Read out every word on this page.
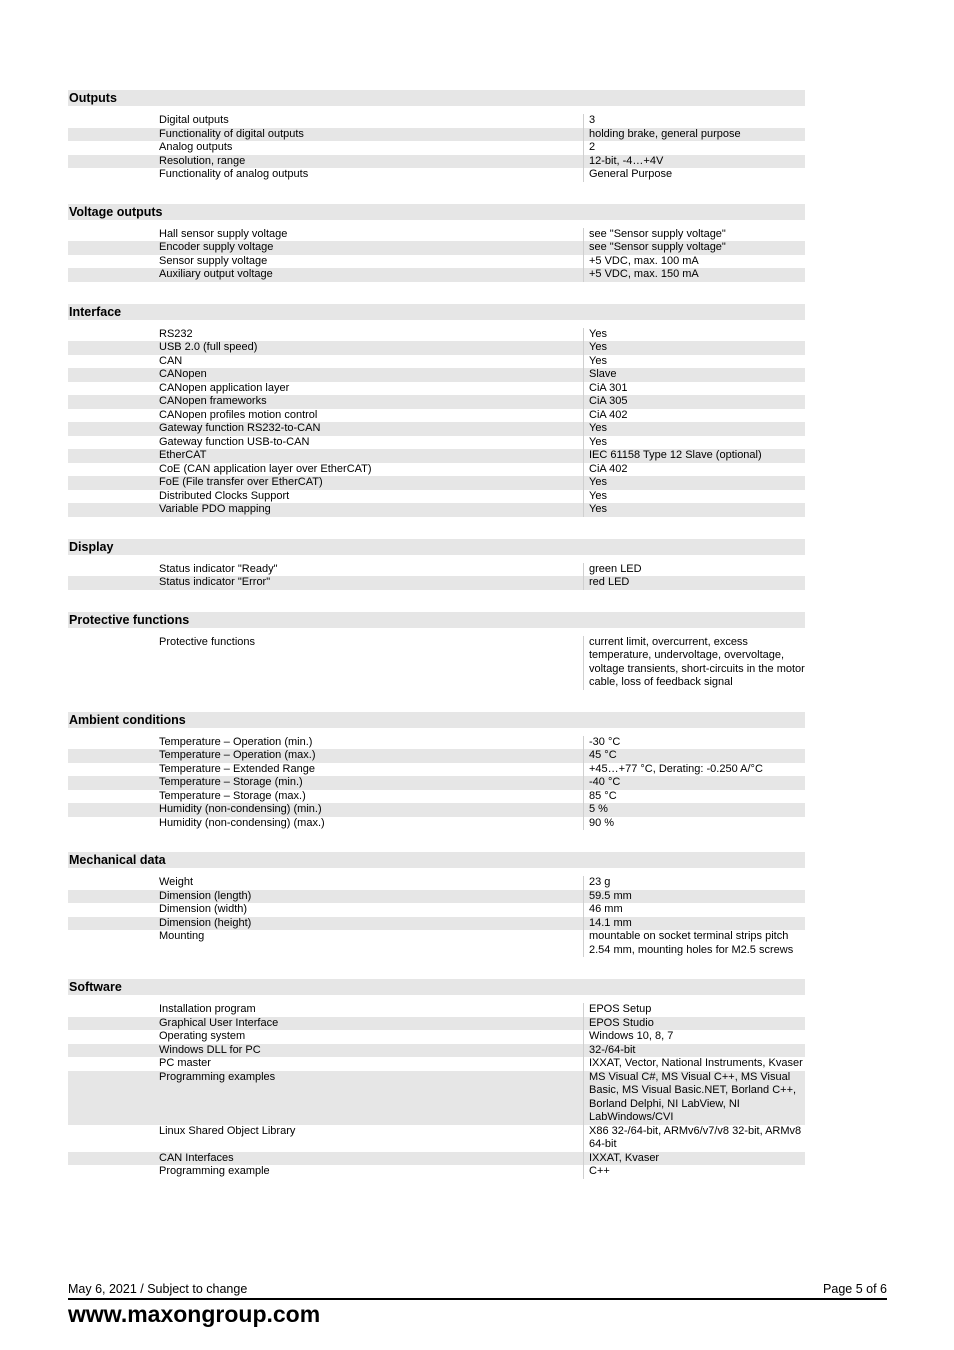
Outputs
Digital outputs	3
Functionality of digital outputs	holding brake, general purpose
Analog outputs	2
Resolution, range	12-bit, -4…+4V
Functionality of analog outputs	General Purpose
Voltage outputs
Hall sensor supply voltage	see "Sensor supply voltage"
Encoder supply voltage	see "Sensor supply voltage"
Sensor supply voltage	+5 VDC, max. 100 mA
Auxiliary output voltage	+5 VDC, max. 150 mA
Interface
RS232	Yes
USB 2.0 (full speed)	Yes
CAN	Yes
CANopen	Slave
CANopen application layer	CiA 301
CANopen frameworks	CiA 305
CANopen profiles motion control	CiA 402
Gateway function RS232-to-CAN	Yes
Gateway function USB-to-CAN	Yes
EtherCAT	IEC 61158 Type 12 Slave (optional)
CoE (CAN application layer over EtherCAT)	CiA 402
FoE (File transfer over EtherCAT)	Yes
Distributed Clocks Support	Yes
Variable PDO mapping	Yes
Display
Status indicator "Ready"	green LED
Status indicator "Error"	red LED
Protective functions
Protective functions	current limit, overcurrent, excess temperature, undervoltage, overvoltage, voltage transients, short-circuits in the motor cable, loss of feedback signal
Ambient conditions
Temperature – Operation (min.)	-30 °C
Temperature – Operation (max.)	45 °C
Temperature – Extended Range	+45…+77 °C, Derating: -0.250 A/°C
Temperature – Storage (min.)	-40 °C
Temperature – Storage (max.)	85 °C
Humidity (non-condensing) (min.)	5 %
Humidity (non-condensing) (max.)	90 %
Mechanical data
Weight	23 g
Dimension (length)	59.5 mm
Dimension (width)	46 mm
Dimension (height)	14.1 mm
Mounting	mountable on socket terminal strips pitch 2.54 mm, mounting holes for M2.5 screws
Software
Installation program	EPOS Setup
Graphical User Interface	EPOS Studio
Operating system	Windows 10, 8, 7
Windows DLL for PC	32-/64-bit
PC master	IXXAT, Vector, National Instruments, Kvaser
Programming examples	MS Visual C#, MS Visual C++, MS Visual Basic, MS Visual Basic.NET, Borland C++, Borland Delphi, NI LabView, NI LabWindows/CVI
Linux Shared Object Library	X86 32-/64-bit, ARMv6/v7/v8 32-bit, ARMv8 64-bit
CAN Interfaces	IXXAT, Kvaser
Programming example	C++
May 6, 2021 / Subject to change	Page 5 of 6
www.maxongroup.com
